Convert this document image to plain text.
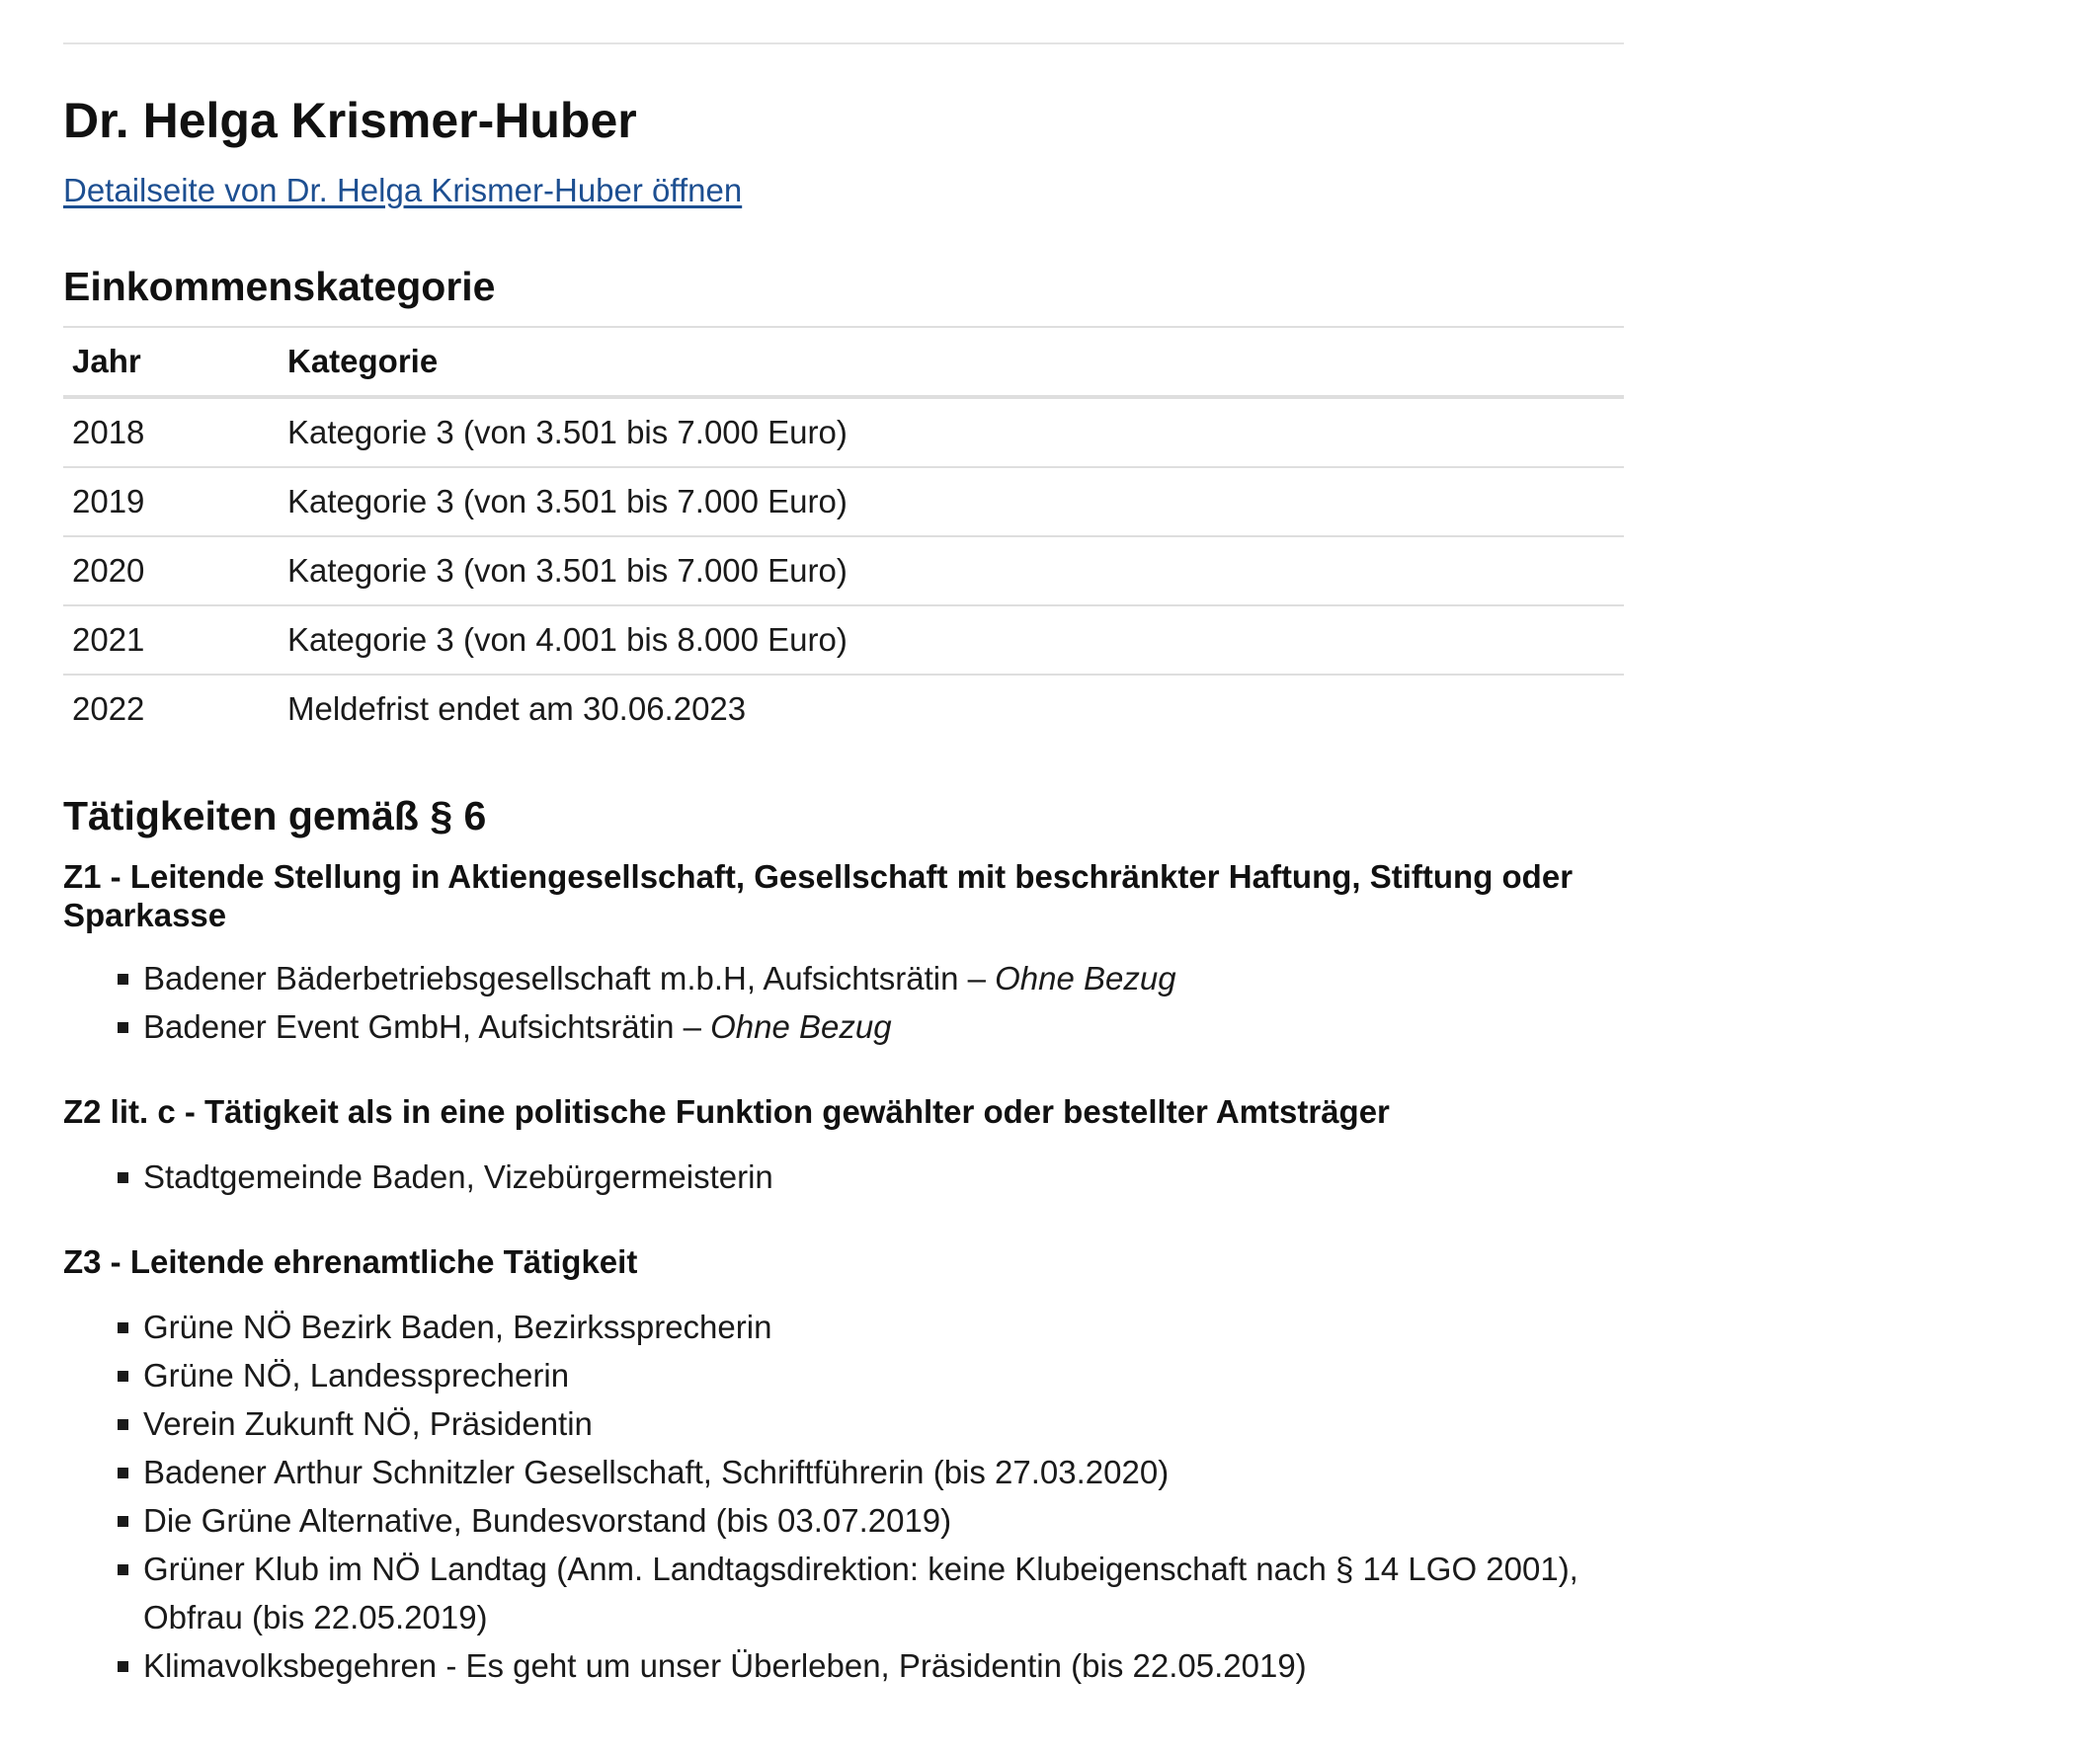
Dr. Helga Krismer-Huber
Detailseite von Dr. Helga Krismer-Huber öffnen
Einkommenskategorie
Jahr	Kategorie
2018	Kategorie 3 (von 3.501 bis 7.000 Euro)
2019	Kategorie 3 (von 3.501 bis 7.000 Euro)
2020	Kategorie 3 (von 3.501 bis 7.000 Euro)
2021	Kategorie 3 (von 4.001 bis 8.000 Euro)
2022	Meldefrist endet am 30.06.2023
Tätigkeiten gemäß § 6
Z1 - Leitende Stellung in Aktiengesellschaft, Gesellschaft mit beschränkter Haftung, Stiftung oder Sparkasse
Badener Bäderbetriebsgesellschaft m.b.H, Aufsichtsrätin – Ohne Bezug
Badener Event GmbH, Aufsichtsrätin – Ohne Bezug
Z2 lit. c - Tätigkeit als in eine politische Funktion gewählter oder bestellter Amtsträger
Stadtgemeinde Baden, Vizebürgermeisterin
Z3 - Leitende ehrenamtliche Tätigkeit
Grüne NÖ Bezirk Baden, Bezirkssprecherin
Grüne NÖ, Landessprecherin
Verein Zukunft NÖ, Präsidentin
Badener Arthur Schnitzler Gesellschaft, Schriftführerin (bis 27.03.2020)
Die Grüne Alternative, Bundesvorstand (bis 03.07.2019)
Grüner Klub im NÖ Landtag (Anm. Landtagsdirektion: keine Klubeigenschaft nach § 14 LGO 2001), Obfrau (bis 22.05.2019)
Klimavolksbegehren - Es geht um unser Überleben, Präsidentin (bis 22.05.2019)
